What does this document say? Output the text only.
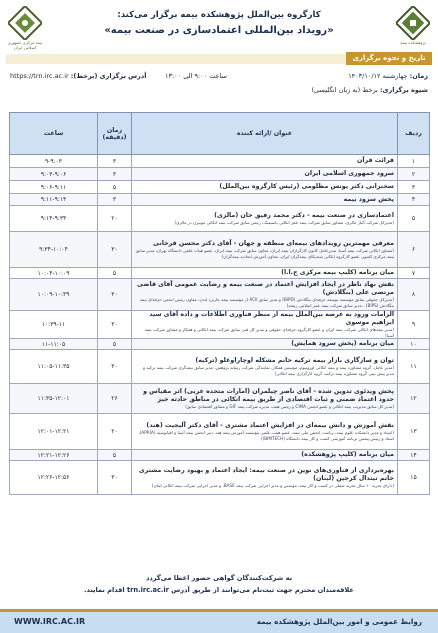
بیمه مرکزی جمهوری اسلامی ایران
پژوهشکده بیمه
کارگروه بین‌الملل پژوهشکده بیمه برگزار می‌کند:
«رویداد بین‌المللی اعتمادسازی در صنعت بیمه»
تاریخ و نحوه برگزاری
زمان: چهارشنبه ۱۴۰۳/۱۰/۱۲
ساعت ۹:۰۰ الی ۱۳:۰۰
آدرس برگزاری (برخط): https://trn.irc.ac.ir
شیوه برگزاری: برخط (به زبان انگلیسی)
ردیف	عنوان /ارائه کننده	زمان (دقیقه)	ساعت
۱	قرائت قرآن	۳	۹-۹:۰۳
۲	سرود جمهوری اسلامی ایران	۳	۹:۰۳-۹:۰۶
۳	سخنرانی دکتر یونس مظلومی (رئیس کارگروه بین‌الملل)	۵	۹:۰۶-۹:۱۱
۴	پخش سرود بیمه	۳	۹:۱۱-۹:۱۴
۵	اعتمادسازی در صنعت بیمه - دکتر محمد رفیق خان (مالزی)
(مدیرکل شرکت آلیاژ مالزی، مشاور سابق شرکت بیمه عمر اتکائی پاسیفیک، رئیس سابق شرکت بیمه اتکائی موتیرن در مالزی)	۲۰	۹:۱۴-۹:۳۴
۶	معرفی مهمترین رویدادهای بیمه‌ای منطقه و جهان - آقای دکتر محسن قرخانی
(مشاور اتکائی شرکت بیمه آسیا، مدیرعامل کانون کارگزاران بیمه ایران، معاون سابق شرکت بیمه ایران، عضو هیات علمی دانشگاه تهران، مدیر سابق بیمه مرکزی کشور، عضو کارگروه اتکائی سندیکای بیمه‌گران ایران، معاون آموزش اتحادیه بیمه‌گران)	۳۰	۹:۳۴-۱۰:۰۴
۷	میان برنامه (کلیپ بیمه مرکزی ج.ا.ا)	۵	۱۰:۰۴-۱۰:۰۹
۸	نقش نهاد ناظر در ایجاد افزایش اعتماد در صنعت بیمه و رضایت عمومی آقای قاضی مرتضی علی (بنگلادش)
(مدیرکل حقوقی سابق مؤسسه توسعه حرفه‌ای بنگلادش (BIPD) و مدیر سابق ACII از مؤسسه بیمه چارترد لندن، معاون رئیس انجمن حرفه‌ای بیمه بنگلادش (BIPS) ، مدیر سابق شرکت بیمه عمر اسلامی ریشه)	۳۰	۱۰:۰۹-۱۰:۳۹
۹	الزامات ورود به عرصه بین‌الملل بیمه از منظر فناوری اطلاعات و داده آقای سید ابراهیم موسوی
(مدیر بیمه‌های اتکائی شرکت بیمه ایران و عضو کارگروه حرفه‌ای حقوقی و مدیر کل فنی سابق شرکت بیمه اتکائی و همکار و مشاور شرکت بیمه آسیا)	۳۰	۱۰:۳۹-۱۱
۱۰	میان برنامه (پخش سرود همایش)	۵	۱۱-۱۱:۰۵
۱۱	توان و سازگاری بازار بیمه ترکیه خانم مشکله اوچاراوغلو (ترکیه)
(مدیر عامل، گروه مشاوره بیمه و بیمه اتکائی اورونیوم، مؤسس همکار، نمایندگی شرکت رسانه پژوهش، مدیر سابق بیمه‌گری شرکت بیمه ترکیه و مدیر پیش بینی گروه مشاوره بیمه ترکیه، گروه کارگزاری بیمه اتکائی)	۳۰	۱۱:۰۵-۱۱:۳۵
۱۲	پخش ویدئوی تدوین شده - آقای ناصر چیلمران (امارات متحده عربی) اثر مقیاس و حدود اعتماد ضمنی و ثبات اقتصادی از طریق بیمه اتکائی در مناطق حادثه خیز
(مدیر کل سابق مدیریت بیمه اتکائی و عضو انجمن CIMA و رئیس هیئت مدیره شرکت بیمه GIF و مشاور اقتصادی سابق)	۲۶	۱۱:۳۵-۱۲:۰۱
۱۳	نقش آموزش و دانش بیمه‌ای در افزایش اعتماد مشتری - آقای دکتر آلیجیت (هند)
(استاد و مدیر دانشکده علوم بیمه، ریاست انجمن ملی بیمه، عضو هیئت علمی مؤسسه آموزش بیمه هند، دبیر انجمن بیمه آسیا و اقیانوسیه (APRIA)، استاد و رئیس پیشین برنامه آموزشی کسب و کار بیمه دانشگاه (BIMTECH))	۲۰	۱۲:۰۱-۱۲:۲۱
۱۴	میان برنامه (کلیپ پژوهشکده)	۵	۱۲:۲۱-۱۲:۲۶
۱۵	بهره‌برداری از فناوری‌های نوین در صنعت بیمه: ایجاد اعتماد و بهبود رضایت مشتری خانم تیندال کرجین (لبنان)
(دارای تجربه ۱۰ سال تجربه شغلی در کسب و کار بیمه، مؤسس و مدیر اجرایی شرکت بیمه BASE، و مدیر اجرایی شرکت بیمه اتکائی لبنان)	۳۰	۱۲:۲۶-۱۲:۵۶
به شرکت‌کنندگان گواهی حضور اعطا می‌گردد
علاقه‌مندان محترم جهت ثبت‌نام می‌توانند از طریق آدرس trn.irc.ac.ir اقدام نمایند.
WWW.IRC.AC.IR	روابط عمومی و امور بین‌الملل پژوهشکده بیمه
